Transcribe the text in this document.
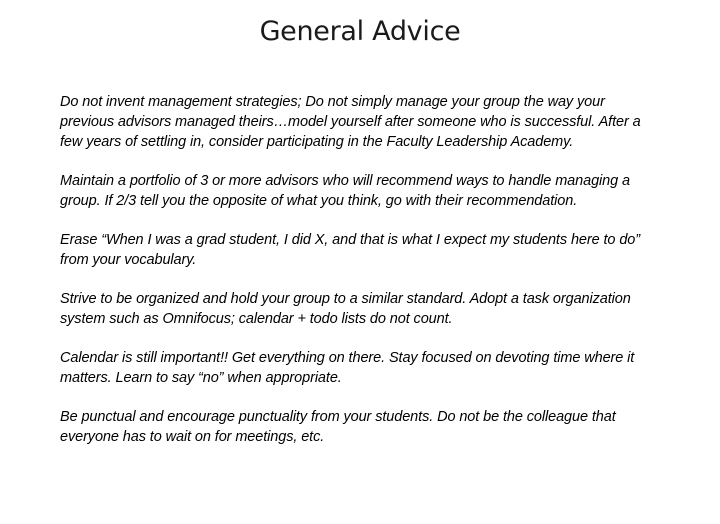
General Advice

Do not invent management strategies; Do not simply manage your group the way your previous advisors managed theirs…model yourself after someone who is successful. After a few years of settling in, consider participating in the Faculty Leadership Academy.

Maintain a portfolio of 3 or more advisors who will recommend ways to handle managing a group. If 2/3 tell you the opposite of what you think, go with their recommendation.

Erase “When I was a grad student, I did X, and that is what I expect my students here to do” from your vocabulary.

Strive to be organized and hold your group to a similar standard. Adopt a task organization system such as Omnifocus; calendar + todo lists do not count.

Calendar is still important!! Get everything on there. Stay focused on devoting time where it matters. Learn to say “no” when appropriate.

Be punctual and encourage punctuality from your students. Do not be the colleague that everyone has to wait on for meetings, etc.
